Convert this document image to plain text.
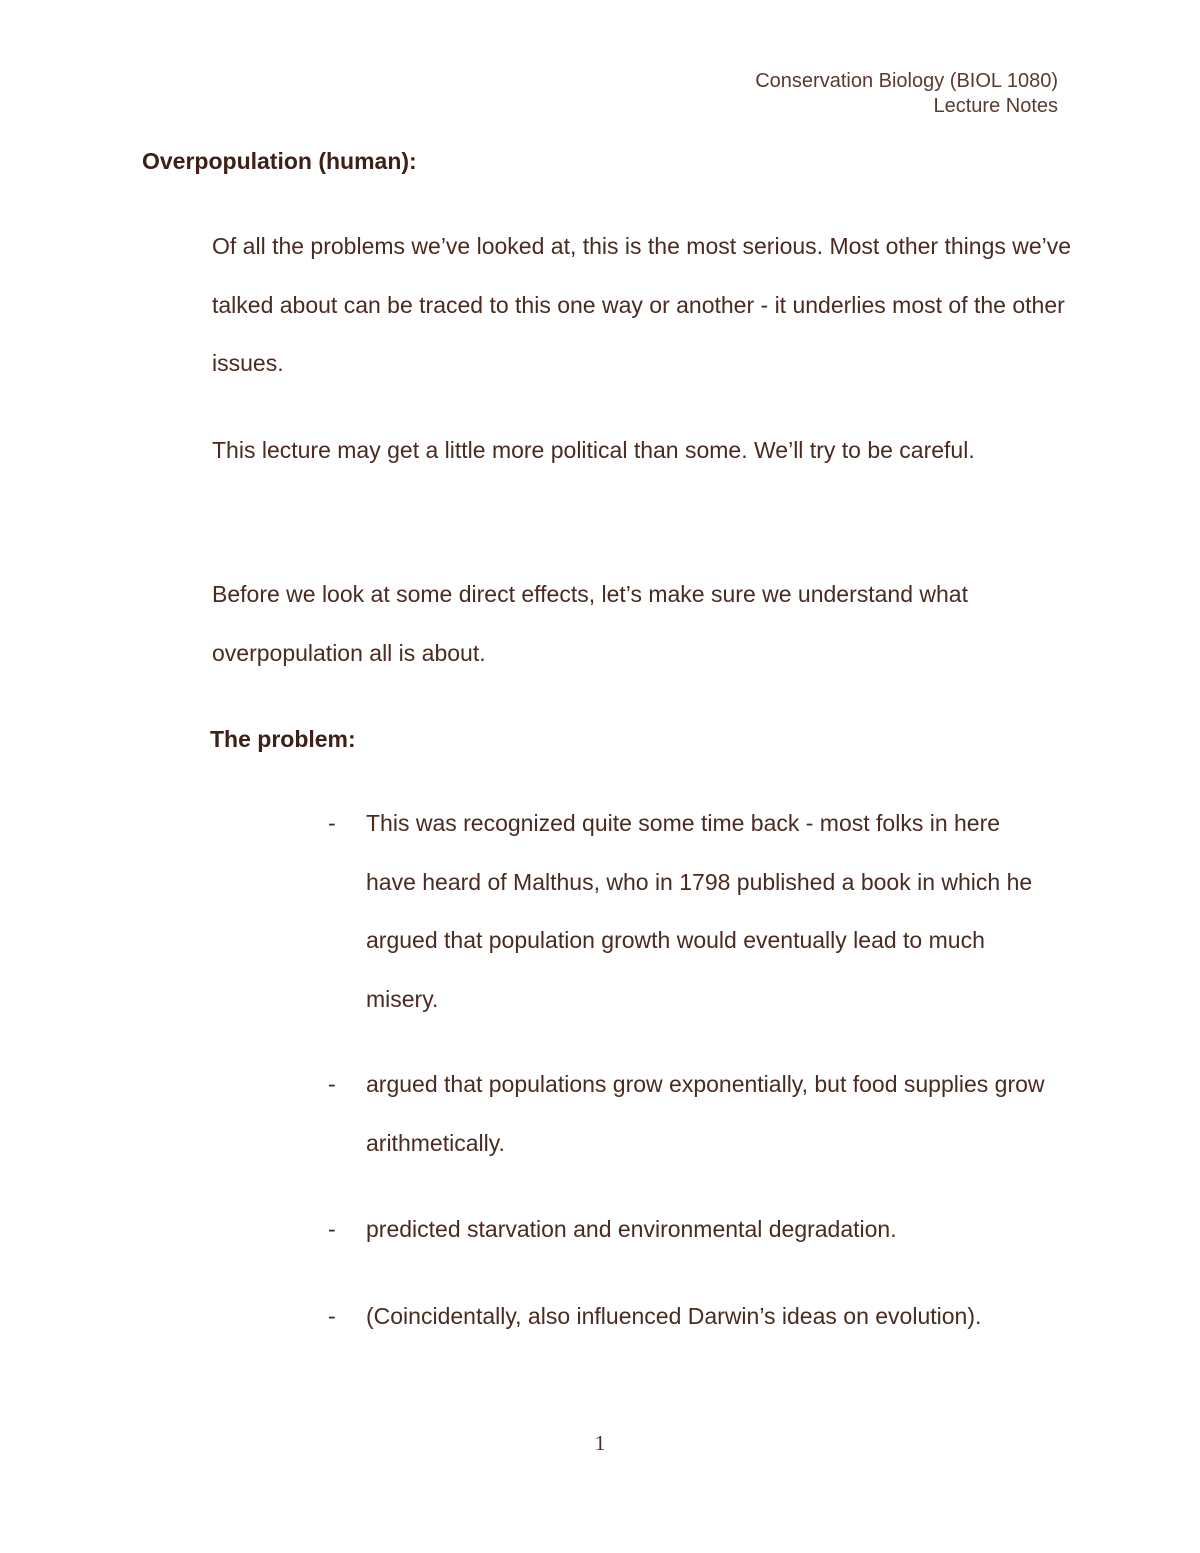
Conservation Biology (BIOL 1080)
Lecture Notes
Overpopulation (human):
Of all the problems we’ve looked at, this is the most serious. Most other things we’ve talked about can be traced to this one way or another - it underlies most of the other issues.
This lecture may get a little more political than some. We’ll try to be careful.
Before we look at some direct effects, let’s make sure we understand what overpopulation all is about.
The problem:
- This was recognized quite some time back - most folks in here have heard of Malthus, who in 1798 published a book in which he argued that population growth would eventually lead to much misery.
- argued that populations grow exponentially, but food supplies grow arithmetically.
- predicted starvation and environmental degradation.
- (Coincidentally, also influenced Darwin’s ideas on evolution).
1
